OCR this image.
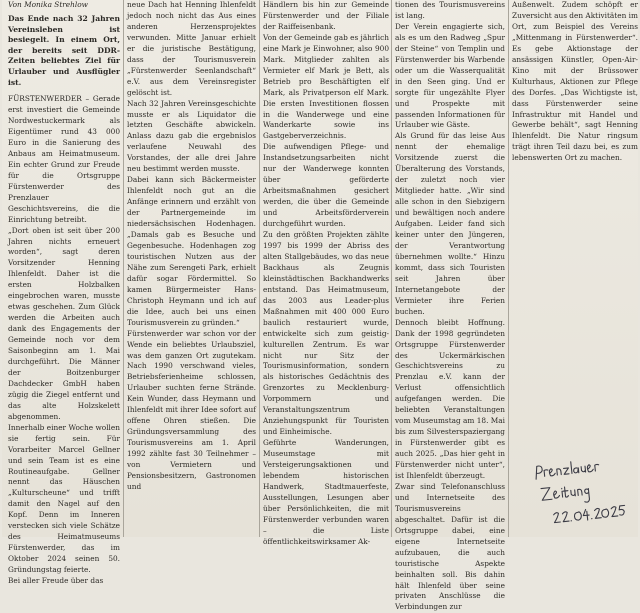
Von Monika Strehlow

Das Ende nach 32 Jahren Vereinsleben ist besiegelt. In einem Ort, der bereits seit DDR-Zeiten beliebtes Ziel für Urlauber und Ausflügler ist.

FÜRSTENWERDER – Gerade erst investiert die Gemeinde Nordwestuckermark als Eigentümer rund 43 000 Euro in die Sanierung des Anbaus am Heimatmuseum. Ein echter Grund zur Freude für die Ortsgruppe Fürstenwerder des Prenzlauer Geschichtsvereins, die die Einrichtung betreibt.

„Dort oben ist seit über 200 Jahren nichts erneuert worden“, sagt deren Vorsitzender Henning Ihlenfeldt. Daher ist die ersten Holzbalken eingebrochen waren, musste etwas geschehen. Zum Glück werden die Arbeiten auch dank des Engagements der Gemeinde noch vor dem Saisonbeginn am 1. Mai durchgeführt. Die Männer der Boitzenburger Dachdecker GmbH haben zügig die Ziegel entfernt und das alte Holzskelett abgenommen.

Innerhalb einer Woche wollen sie fertig sein. Für Vorarbeiter Marcel Gellner und sein Team ist es eine Routineaufgabe. Gellner nennt das Häuschen „Kulturscheune“ und trifft damit den Nagel auf den Kopf. Denn im Inneren verstecken sich viele Schätze des Heimatmuseums Fürstenwerder, das im Oktober 2024 seinen 50. Gründungstag feierte.

Bei aller Freude über das

neue Dach hat Henning Ihlenfeldt jedoch noch nicht das Aus eines anderen Herzensprojektes verwunden. Mitte Januar erhielt er die juristische Bestätigung, dass der Tourismusverein „Fürstenwerder Seenlandschaft“ e.V. aus dem Vereinsregister gelöscht ist.

Nach 32 Jahren Vereinsgeschichte musste er als Liquidator die letzten Geschäfte abwickeln. Anlass dazu gab die ergebnislos verlaufene Neuwahl des Vorstandes, der alle drei Jahre neu bestimmt werden musste.

Dabei kann sich Bäckermeister Ihlenfeldt noch gut an die Anfänge erinnern und erzählt von der Partnergemeinde im niedersächsischen Hodenhagen. „Damals gab es Besuche und Gegenbesuche. Hodenhagen zog touristischen Nutzen aus der Nähe zum Serengeti Park, erhielt dafür sogar Fördermittel. So kamen Bürgermeister Hans-Christoph Heymann und ich auf die Idee, auch bei uns einen Tourismusverein zu gründen.“

Fürstenwerder war schon vor der Wende ein beliebtes Urlaubsziel, was dem ganzen Ort zugutekam. Nach 1990 verschwand vieles, Betriebsferienheime schlossen, Urlauber suchten ferne Strände. Kein Wunder, dass Heymann und Ihlenfeldt mit ihrer Idee sofort auf offene Ohren stießen. Die Gründungsversammlung des Tourismusvereins am 1. April 1992 zählte fast 30 Teilnehmer – von Vermietern und Pensionsbesitzern, Gastronomen und

Händlern bis hin zur Gemeinde Fürstenwerder und der Filiale der Raiffeisenbank.

Von der Gemeinde gab es jährlich eine Mark je Einwohner, also 900 Mark. Mitglieder zahlten als Vermieter elf Mark je Bett, als Betrieb pro Beschäftigten elf Mark, als Privatperson elf Mark. Die ersten Investitionen flossen in die Wanderwege und eine Wanderkarte sowie ins Gastgeberverzeichnis.

Die aufwendigen Pflege- und Instandsetzungsarbeiten nicht nur der Wanderwege konnten über geförderte Arbeitsmaßnahmen gesichert werden, die über die Gemeinde und Arbeitsförderverein durchgeführt wurden.

Zu den größten Projekten zählte 1997 bis 1999 der Abriss des alten Stallgebäudes, wo das neue Backhaus als Zeugnis kleinstädtischen Backhandwerks entstand. Das Heimatmuseum, das 2003 aus Leader-plus Maßnahmen mit 400 000 Euro baulich restauriert wurde, entwickelte sich zum geistig-kulturellen Zentrum. Es war nicht nur Sitz der Tourismusinformation, sondern als historisches Gedächtnis des Grenzortes zu Mecklenburg-Vorpommern und Veranstaltungszentrum Anziehungspunkt für Touristen und Einheimische.

Geführte Wanderungen, Museumstage mit Versteigerungsaktionen und lebendem historischen Handwerk, Stadtmauerfeste, Ausstellungen, Lesungen aber über Persönlichkeiten, die mit Fürstenwerder verbunden waren – die Liste öffentlichkeitswirksamer Ak-

tionen des Tourismusvereins ist lang.

Der Verein engagierte sich, als es um den Radweg „Spur der Steine“ von Templin und Fürstenwerder bis Warbende oder um die Wasserqualität in den Seen ging. Und er sorgte für ungezählte Flyer und Prospekte mit passenden Informationen für Urlauber wie Gäste.

Als Grund für das leise Aus nennt der ehemalige Vorsitzende zuerst die Überalterung des Vorstands, der zuletzt noch vier Mitglieder hatte. „Wir sind alle schon in den Siebzigern und bewältigen noch andere Aufgaben. Leider fand sich keiner unter den Jüngeren, der Verantwortung übernehmen wollte.“ Hinzu kommt, dass sich Touristen seit Jahren über Internetangebote der Vermieter ihre Ferien buchen.

Dennoch bleibt Hoffnung. Dank der 1998 gegründeten Ortsgruppe Fürstenwerder des Uckermärkischen Geschichtsvereins zu Prenzlau e.V. kann der Verlust offensichtlich aufgefangen werden. Die beliebten Veranstaltungen vom Museumstag am 18. Mai bis zum Silvesterspaziergang in Fürstenwerder gibt es auch 2025. „Das hier geht in Fürstenwerder nicht unter“, ist Ihlenfeldt überzeugt.

Zwar sind Telefonanschluss und Internetseite des Tourismusvereins abgeschaltet. Dafür ist die Ortsgruppe dabei, eine eigene Internetseite aufzubauen, die auch touristische Aspekte beinhalten soll. Bis dahin hält Ihlenfeld über seine privaten Anschlüsse die Verbindungen zur

Außenwelt. Zudem schöpft er Zuversicht aus den Aktivitäten im Ort, zum Beispiel des Vereins „Mittenmang in Fürstenwerder“. Es gebe Aktionstage der ansässigen Künstler, Open-Air-Kino mit der Brüssower Kulturhaus, Aktionen zur Pflege des Dorfes. „Das Wichtigste ist, dass Fürstenwerder seine Infrastruktur mit Handel und Gewerbe behält“, sagt Henning Ihlenfeldt. Die Natur ringsum trägt ihren Teil dazu bei, es zum lebenswerten Ort zu machen.
